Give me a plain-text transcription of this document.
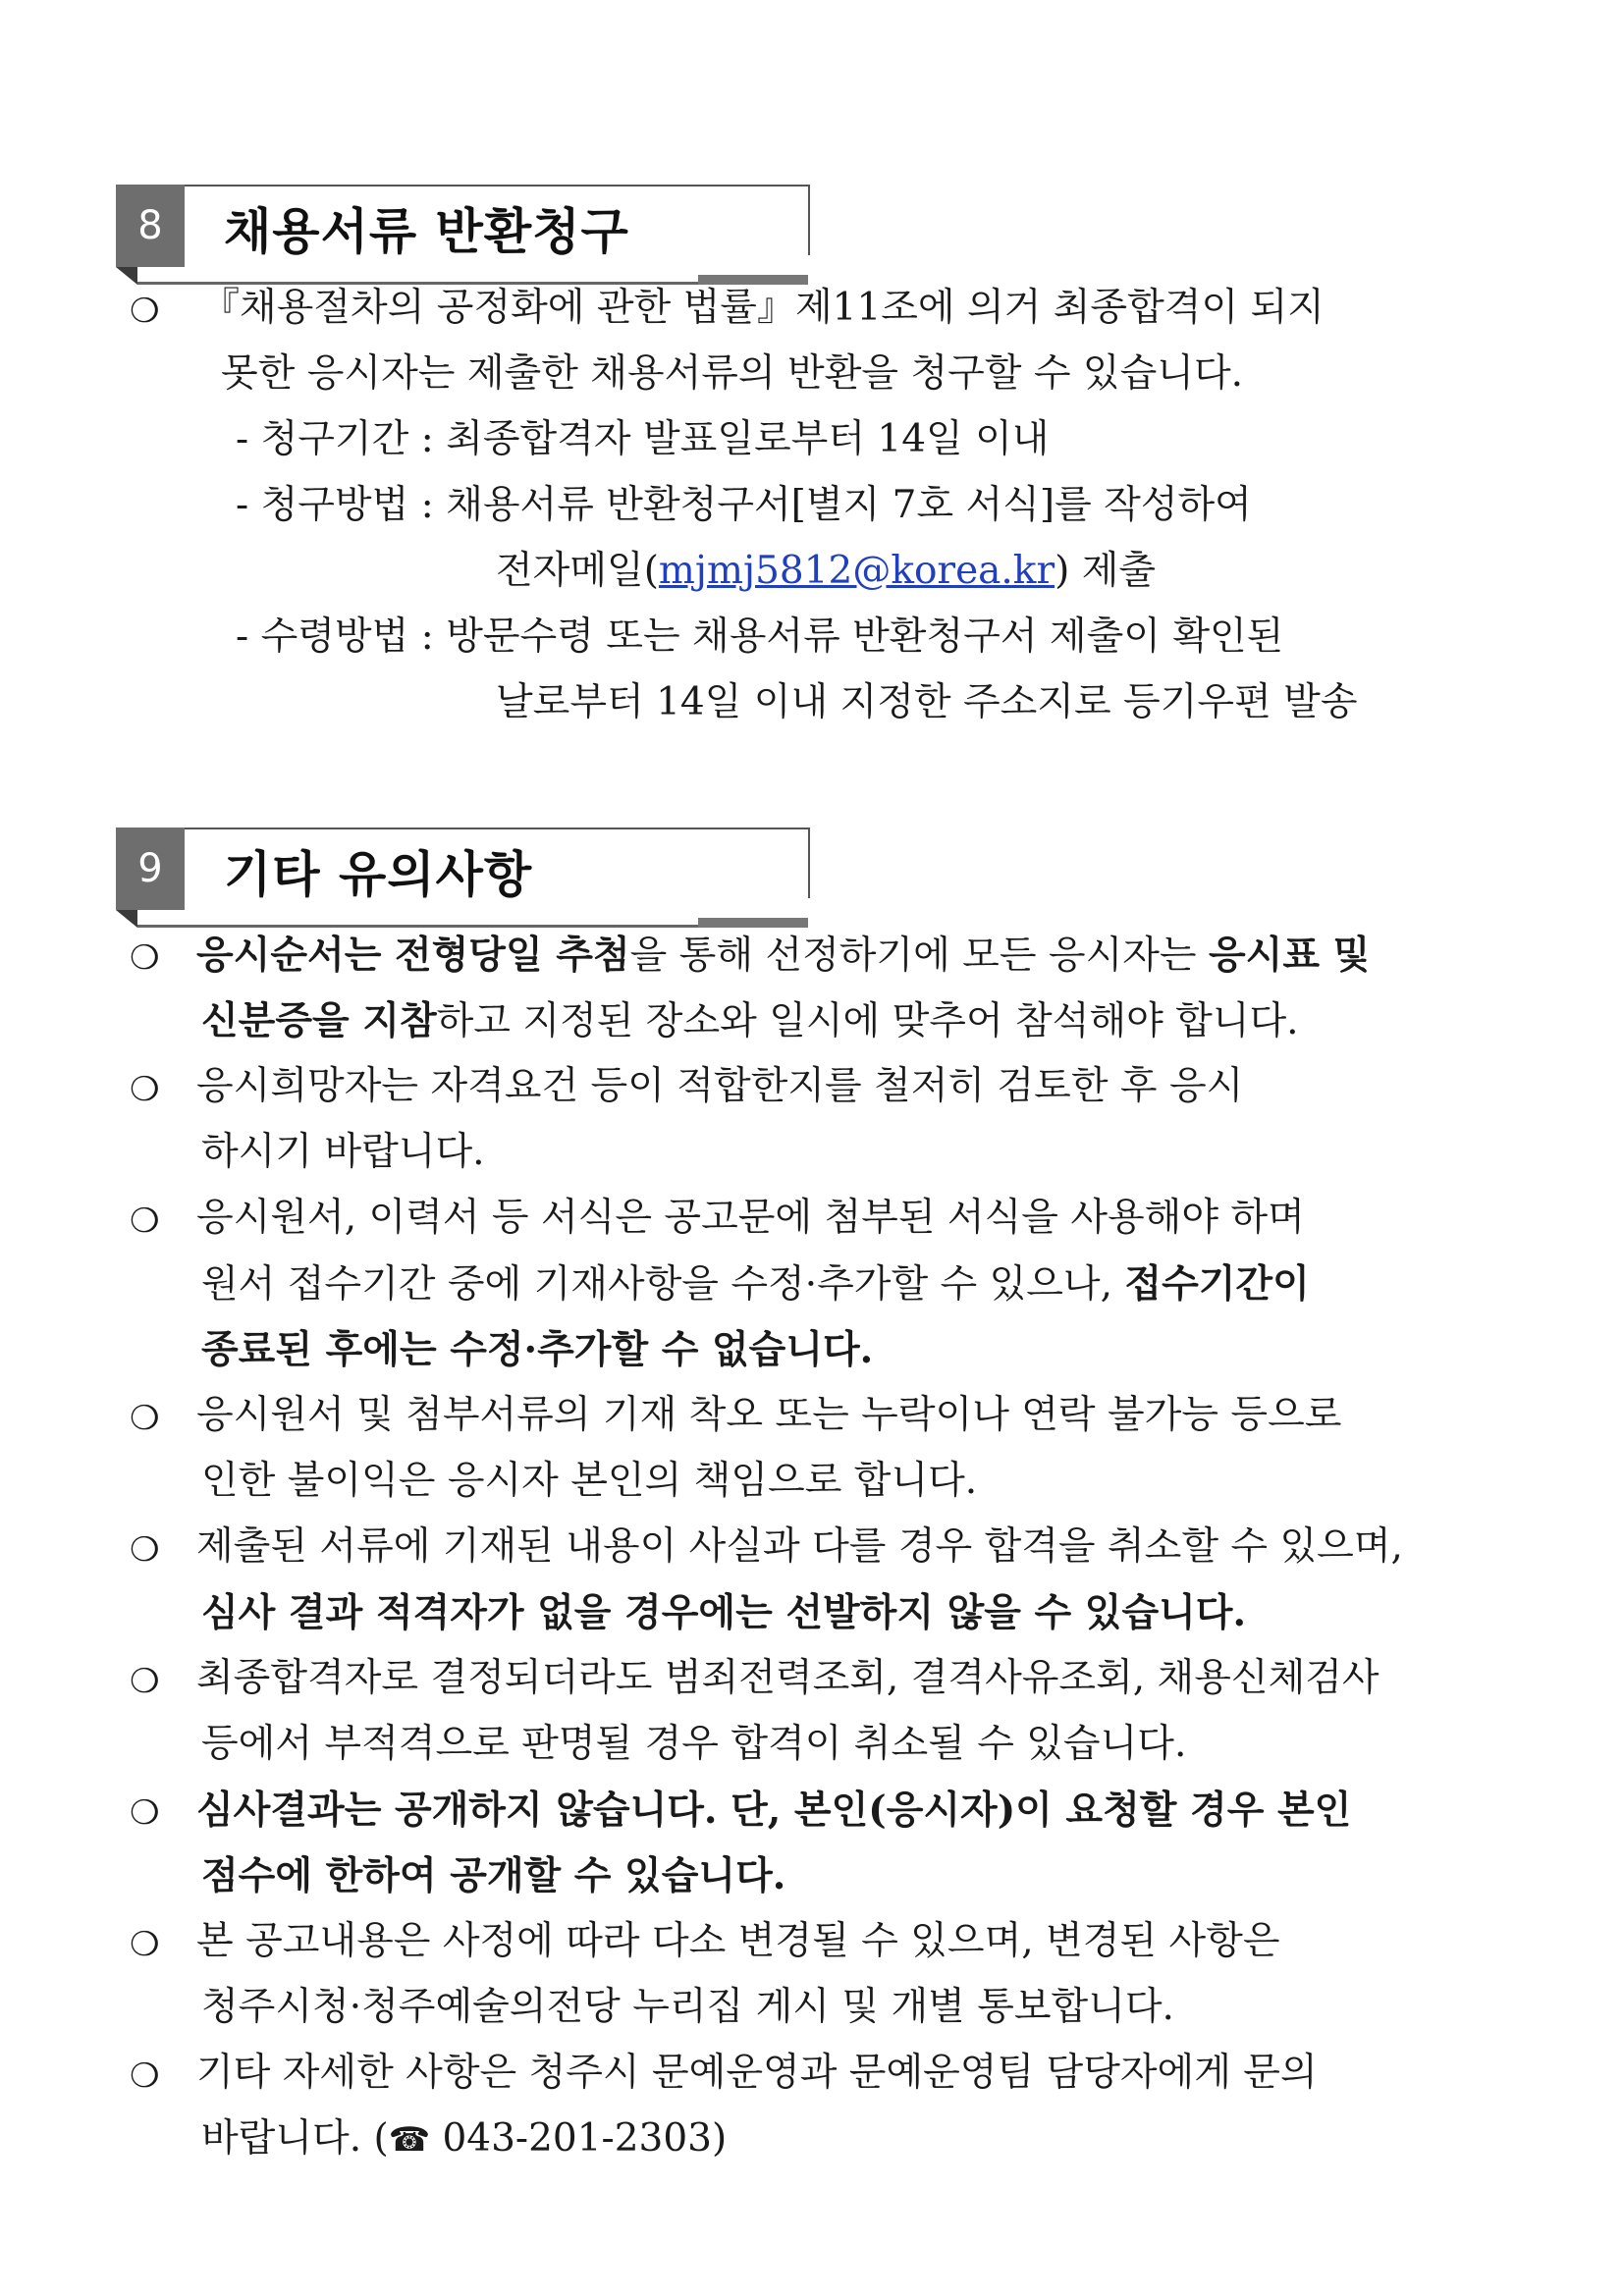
8	채용서류 반환청구
❍ 『채용절차의 공정화에 관한 법률』제11조에 의거 최종합격이 되지
못한 응시자는 제출한 채용서류의 반환을 청구할 수 있습니다.
- 청구기간 : 최종합격자 발표일로부터 14일 이내
- 청구방법 : 채용서류 반환청구서[별지 7호 서식]를 작성하여
전자메일(mjmj5812@korea.kr) 제출
- 수령방법 : 방문수령 또는 채용서류 반환청구서 제출이 확인된
날로부터 14일 이내 지정한 주소지로 등기우편 발송
9	기타 유의사항
❍ 응시순서는 전형당일 추첨을 통해 선정하기에 모든 응시자는 응시표 및
신분증을 지참하고 지정된 장소와 일시에 맞추어 참석해야 합니다.
❍ 응시희망자는 자격요건 등이 적합한지를 철저히 검토한 후 응시
하시기 바랍니다.
❍ 응시원서, 이력서 등 서식은 공고문에 첨부된 서식을 사용해야 하며
원서 접수기간 중에 기재사항을 수정·추가할 수 있으나, 접수기간이
종료된 후에는 수정·추가할 수 없습니다.
❍ 응시원서 및 첨부서류의 기재 착오 또는 누락이나 연락 불가능 등으로
인한 불이익은 응시자 본인의 책임으로 합니다.
❍ 제출된 서류에 기재된 내용이 사실과 다를 경우 합격을 취소할 수 있으며,
심사 결과 적격자가 없을 경우에는 선발하지 않을 수 있습니다.
❍ 최종합격자로 결정되더라도 범죄전력조회, 결격사유조회, 채용신체검사
등에서 부적격으로 판명될 경우 합격이 취소될 수 있습니다.
❍ 심사결과는 공개하지 않습니다. 단, 본인(응시자)이 요청할 경우 본인
점수에 한하여 공개할 수 있습니다.
❍ 본 공고내용은 사정에 따라 다소 변경될 수 있으며, 변경된 사항은
청주시청·청주예술의전당 누리집 게시 및 개별 통보합니다.
❍ 기타 자세한 사항은 청주시 문예운영과 문예운영팀 담당자에게 문의
바랍니다. (☎ 043-201-2303)
